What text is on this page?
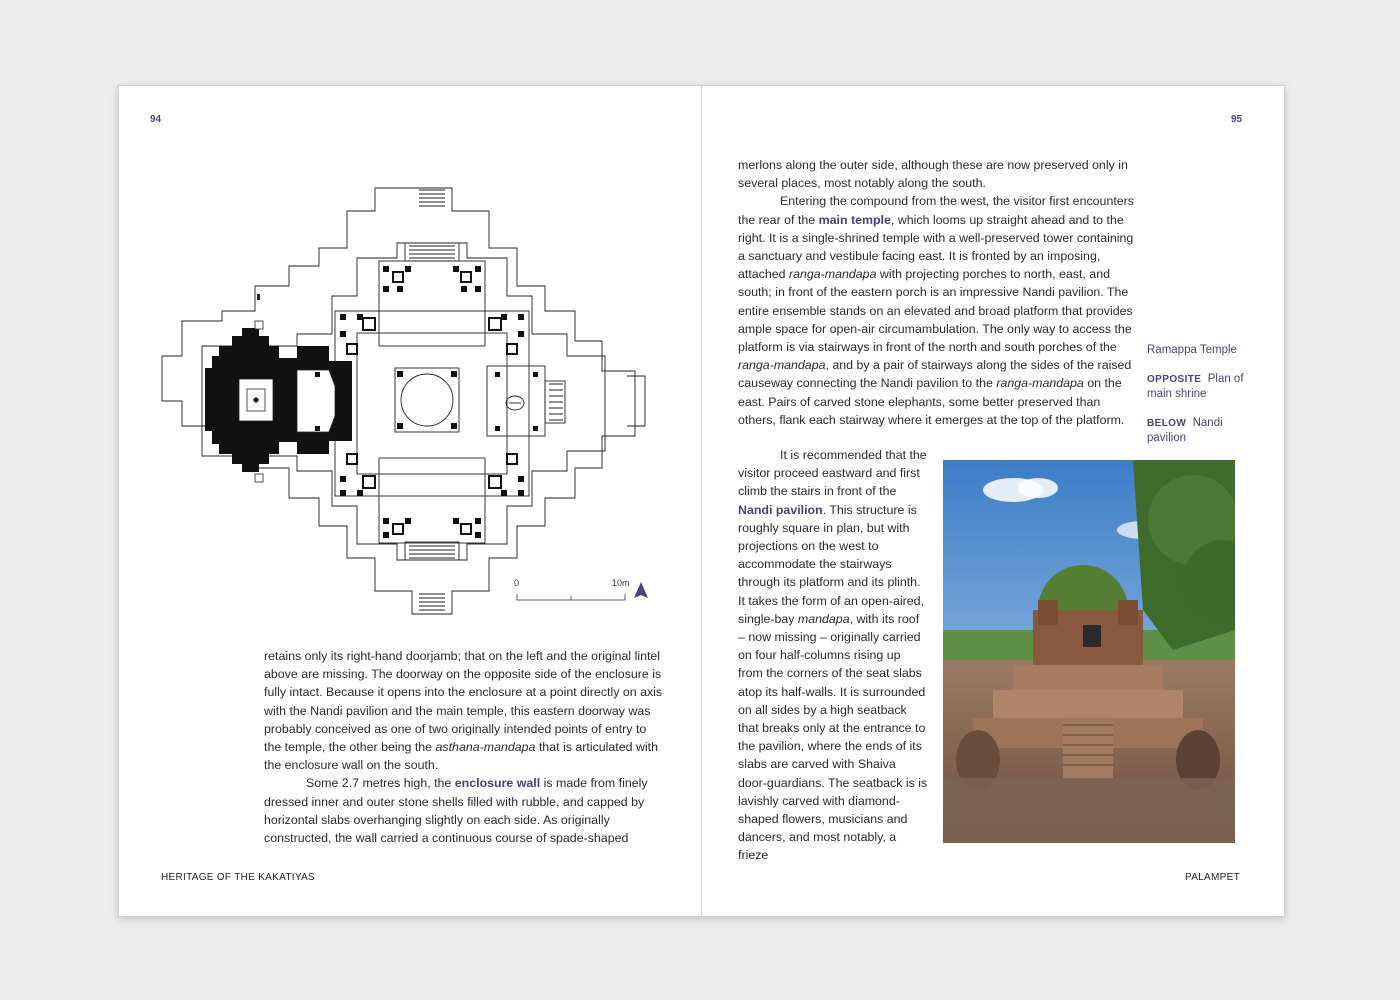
94
0	10m

retains only its right-hand doorjamb; that on the left and the original lintel above are missing. The doorway on the opposite side of the enclosure is fully intact. Because it opens into the enclosure at a point directly on axis with the Nandi pavilion and the main temple, this eastern doorway was probably conceived as one of two originally intended points of entry to the temple, the other being the asthana-mandapa that is articulated with the enclosure wall on the south.

Some 2.7 metres high, the enclosure wall is made from finely dressed inner and outer stone shells filled with rubble, and capped by horizontal slabs overhanging slightly on each side. As originally constructed, the wall carried a continuous course of spade-shaped

HERITAGE OF THE KAKATIYAS
95

merlons along the outer side, although these are now preserved only in several places, most notably along the south.

Entering the compound from the west, the visitor first encounters the rear of the main temple, which looms up straight ahead and to the right. It is a single-shrined temple with a well-preserved tower containing a sanctuary and vestibule facing east. It is fronted by an imposing, attached ranga-mandapa with projecting porches to north, east, and south; in front of the eastern porch is an impressive Nandi pavilion. The entire ensemble stands on an elevated and broad platform that provides ample space for open-air circumambulation. The only way to access the platform is via stairways in front of the north and south porches of the ranga-mandapa, and by a pair of stairways along the sides of the raised causeway connecting the Nandi pavilion to the ranga-mandapa on the east. Pairs of carved stone elephants, some better preserved than others, flank each stairway where it emerges at the top of the platform.

It is recommended that the visitor proceed eastward and first climb the stairs in front of the Nandi pavilion. This structure is roughly square in plan, but with projections on the west to accommodate the stairways through its platform and its plinth. It takes the form of an open-aired, single-bay mandapa, with its roof – now missing – originally carried on four half-columns rising up from the corners of the seat slabs atop its half-walls. It is surrounded on all sides by a high seatback that breaks only at the entrance to the pavilion, where the ends of its slabs are carved with Shaiva door-guardians. The seatback is is lavishly carved with diamond-shaped flowers, musicians and dancers, and most notably, a frieze

Ramappa Temple
OPPOSITE Plan of main shrine
BELOW Nandi pavilion
PALAMPET
